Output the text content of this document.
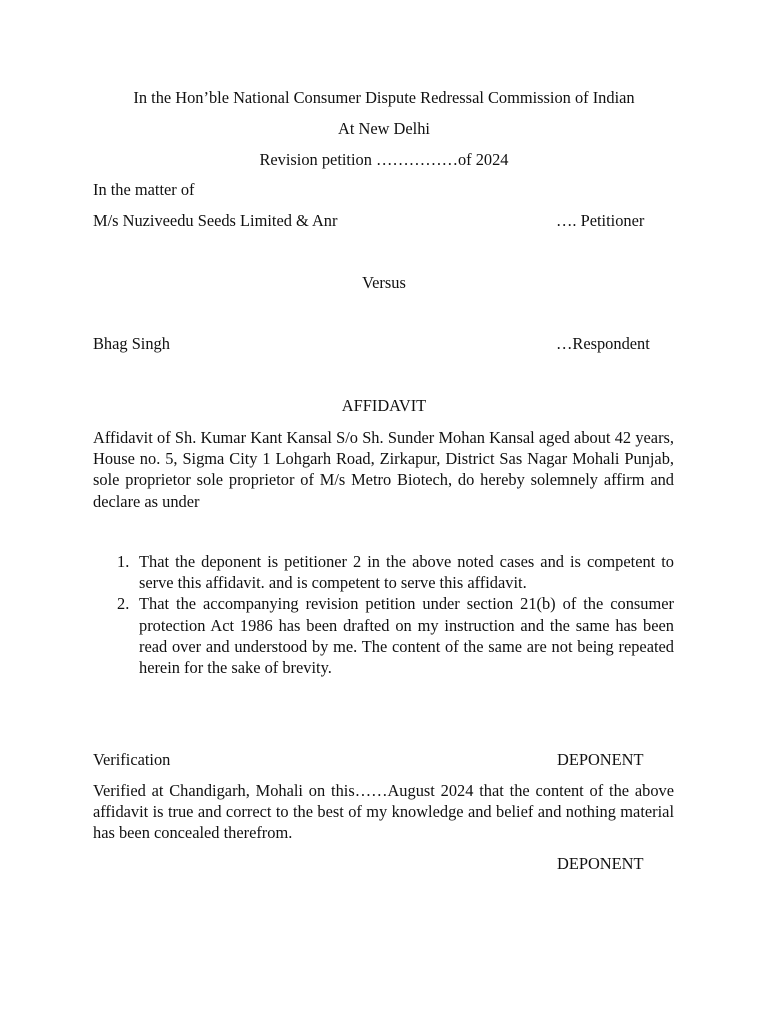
In the Hon’ble National Consumer Dispute Redressal Commission of Indian
At New Delhi
Revision petition ……………of 2024
In the matter of
M/s Nuziveedu Seeds Limited & Anr	…. Petitioner
Versus
Bhag Singh	…Respondent
AFFIDAVIT
Affidavit of Sh. Kumar Kant Kansal S/o Sh. Sunder Mohan Kansal aged about 42 years, House no. 5, Sigma City 1 Lohgarh Road, Zirkapur, District Sas Nagar Mohali Punjab, sole proprietor sole proprietor of M/s Metro Biotech, do hereby solemnely affirm and declare as under
1. That the deponent is petitioner 2 in the above noted cases and is competent to serve this affidavit. and is competent to serve this affidavit.
2. That the accompanying revision petition under section 21(b) of the consumer protection Act 1986 has been drafted on my instruction and the same has been read over and understood by me. The content of the same are not being repeated herein for the sake of brevity.
Verification	DEPONENT
Verified at Chandigarh, Mohali on this……August 2024 that the content of the above affidavit is true and correct to the best of my knowledge and belief and nothing material has been concealed therefrom.
DEPONENT
